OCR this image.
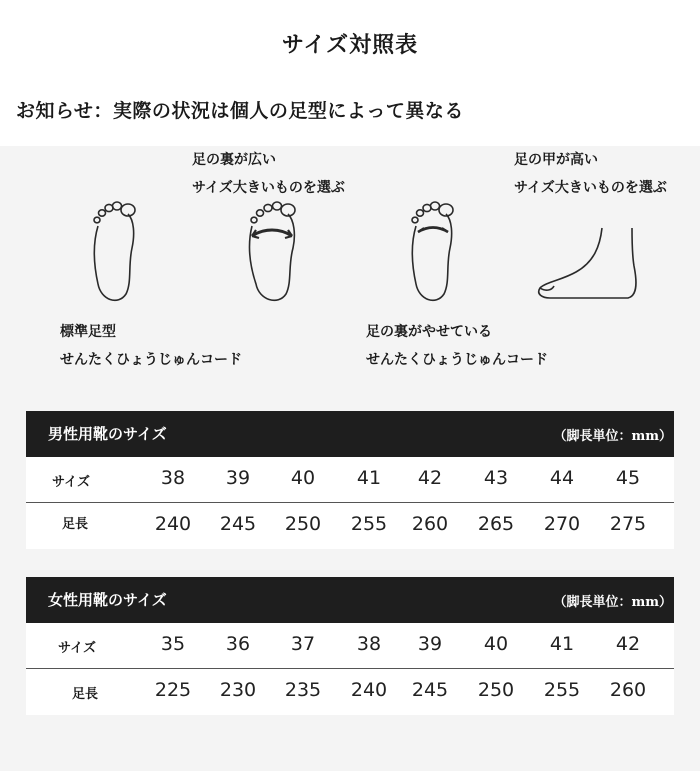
サイズ対照表
お知らせ：実際の状況は個人の足型によって異なる
足の裏が広い
サイズ大きいものを選ぶ
足の甲が高い
サイズ大きいものを選ぶ
標準足型
せんたくひょうじゅんコード
足の裏がやせている
せんたくひょうじゅんコード
男性用靴のサイズ	（脚長単位：mm）
サイズ	38	39	40	41	42	43	44	45
足長	240	245	250	255	260	265	270	275
女性用靴のサイズ	（脚長単位：mm）
サイズ	35	36	37	38	39	40	41	42
足長	225	230	235	240	245	250	255	260
